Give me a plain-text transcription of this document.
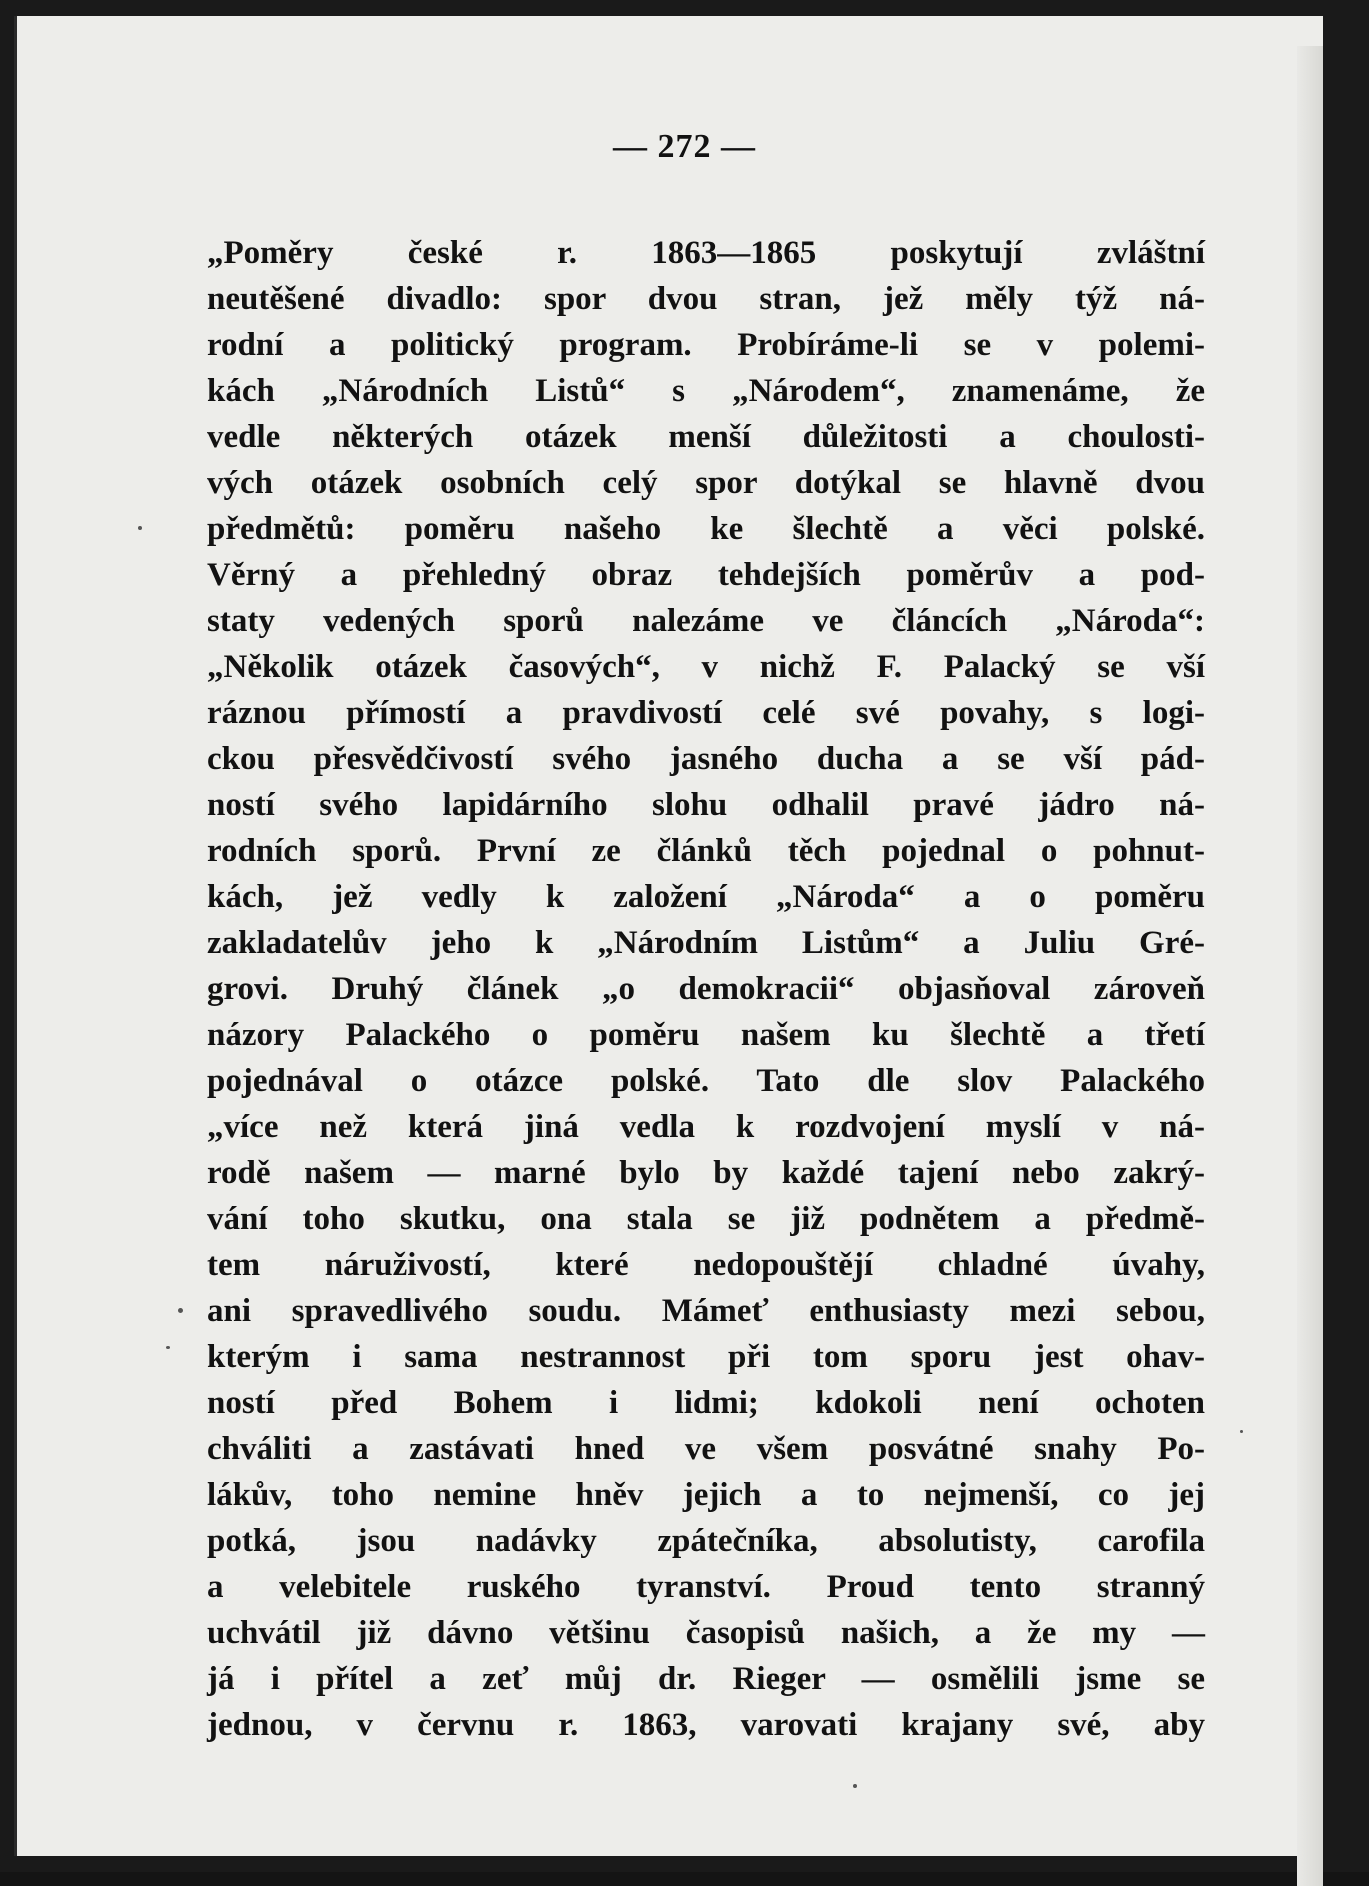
— 272 —
„Poměry české r. 1863—1865 poskytují zvláštní
neutěšené divadlo: spor dvou stran, jež měly týž ná-
rodní a politický program. Probíráme-li se v polemi-
kách „Národních Listů“ s „Národem“, znamenáme, že
vedle některých otázek menší důležitosti a choulosti-
vých otázek osobních celý spor dotýkal se hlavně dvou
předmětů: poměru našeho ke šlechtě a věci polské.
Věrný a přehledný obraz tehdejších poměrův a pod-
staty vedených sporů nalezáme ve článcích „Národa“:
„Několik otázek časových“, v nichž F. Palacký se vší
ráznou přímostí a pravdivostí celé své povahy, s logi-
ckou přesvědčivostí svého jasného ducha a se vší pád-
ností svého lapidárního slohu odhalil pravé jádro ná-
rodních sporů. První ze článků těch pojednal o pohnut-
kách, jež vedly k založení „Národa“ a o poměru
zakladatelův jeho k „Národním Listům“ a Juliu Gré-
grovi. Druhý článek „o demokracii“ objasňoval zároveň
názory Palackého o poměru našem ku šlechtě a třetí
pojednával o otázce polské. Tato dle slov Palackého
„více než která jiná vedla k rozdvojení myslí v ná-
rodě našem — marné bylo by každé tajení nebo zakrý-
vání toho skutku, ona stala se již podnětem a předmě-
tem náruživostí, které nedopouštějí chladné úvahy,
ani spravedlivého soudu. Mámeť enthusiasty mezi sebou,
kterým i sama nestrannost při tom sporu jest ohav-
ností před Bohem i lidmi; kdokoli není ochoten
chváliti a zastávati hned ve všem posvátné snahy Po-
lákův, toho nemine hněv jejich a to nejmenší, co jej
potká, jsou nadávky zpátečníka, absolutisty, carofila
a velebitele ruského tyranství. Proud tento stranný
uchvátil již dávno většinu časopisů našich, a že my —
já i přítel a zeť můj dr. Rieger — osmělili jsme se
jednou, v červnu r. 1863, varovati krajany své, aby
